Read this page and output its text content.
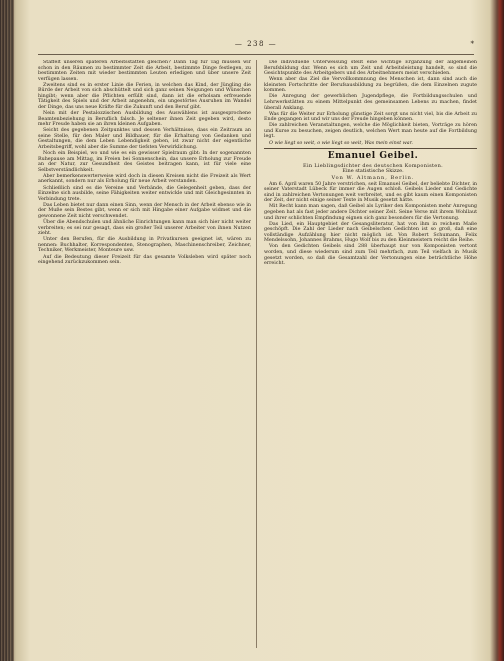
— 238 —	*

Staffelt unseren späteren Arbeitsstätten gleichen? Dann Tag für Tag müssen wir schon in den Räumen zu bestimmter Zeit die Arbeit, bestimmte Dinge festlegen, zu bestimmten Zeiten mit wieder bestimmten Leuten erledigen und über unsere Zeit verfügen lassen.

Zweitens sind es in erster Linie die Ferien, in welchen das Kind, der Jüngling die Bürde der Arbeit von sich abschüttelt und sich ganz seinen Neigungen und Wünschen hingibt; wenn aber die Pflichten erfüllt sind, dann ist die erholsam erfreuende Tätigkeit des Spiels und der Arbeit angenehm, ein ungestörtes Ausruhen im Wandel der Dinge, das uns neue Kräfte für die Zukunft und den Beruf gibt.

Nein mit der Pestalozzischen Ausbildung des Auswählens ist ausgesprochene Beamtenbeziehung in Beruflich falsch. Je seltener ihnen Zeit gegeben wird, desto mehr Freude haben sie an ihren kleinen Aufgaben.

Seicht des gegebenen Zeitpunktes und dessen Verhältnisse, dass ein Zeitraum an seine Stelle, für den Maler und Bildhauer, für die Erhaltung von Gedanken und Gestaltungen, die dem Leben Lebendigkeit geben, ist zwar nicht der eigentliche Arbeitsbegriff, wohl aber die Summe der tiefsten Verwirklichung.

Noch ein Beispiel, wo und wie es ein gewisser Spielraum gibt: In der sogenannten Ruhepause am Mittag, im Freien bei Sonnenschein, das unsere Erholung zur Freude an der Natur, zur Gesundheit des Geistes beitragen kann, ist für viele eine Selbstverständlichkeit.

Aber bemerkenswerterweise wird doch in diesen Kreisen nicht die Freizeit als Wert anerkannt, sondern nur als Erholung für neue Arbeit verstanden.

Schließlich sind es die Vereine und Verbände, die Gelegenheit geben, dass der Einzelne sich ausbilde, seine Fähigkeiten weiter entwickle und mit Gleichgesinnten in Verbindung trete.

Das Leben bietet nur dann einen Sinn, wenn der Mensch in der Arbeit ebenso wie in der Muße sein Bestes gibt, wenn er sich mit Hingabe einer Aufgabe widmet und die gewonnene Zeit nicht verschwendet.

Über die Abendschulen und ähnliche Einrichtungen kann man sich hier nicht weiter verbreiten; es sei nur gesagt, dass ein großer Teil unserer Arbeiter von ihnen Nutzen zieht.

Unter den Berufen, für die Ausbildung in Privatkursen geeignet ist, wären zu nennen: Buchhalter, Korrespondenten, Stenographen, Maschinenschreiber, Zeichner, Techniker, Werkmeister, Monteure usw.

Auf die Bedeutung dieser Freizeit für das gesamte Volksleben wird später noch eingehend zurückzukommen sein.

Die individuelle Unterweisung stellt eine wichtige Ergänzung der allgemeinen Berufsbildung dar. Wenn es sich um Zeit und Arbeitsleistung handelt, so sind die Gesichtspunkte des Arbeitgebers und des Arbeitnehmers meist verschieden.

Wenn aber das Ziel die Vervollkommnung des Menschen ist, dann sind auch die kleinsten Fortschritte der Berufsausbildung zu begrüßen, die dem Einzelnen zugute kommen.

Die Anregung der gewerblichen Jugendpflege, die Fortbildungsschulen und Lehrwerkstätten zu einem Mittelpunkt des gemeinsamen Lebens zu machen, findet überall Anklang.

Was für die Weiter zur Erholung günstige Zeit sorgt uns nicht viel, bis die Arbeit zu Ende gegangen ist und wir uns der Freude hingeben können.

Die zahlreichen Veranstaltungen, welche die Möglichkeit bieten, Vorträge zu hören und Kurse zu besuchen, zeigen deutlich, welchen Wert man heute auf die Fortbildung legt.

O wie liegt so weit, o wie liegt so weit, Was mein einst war.

Emanuel Geibel.

Ein Lieblingsdichter des deutschen Komponisten.

Eine statistische Skizze.

Von W. Altmann, Berlin.

Am 6. April waren 50 Jahre verstrichen, seit Emanuel Geibel, der beliebte Dichter, in seiner Vaterstadt Lübeck für immer die Augen schloß. Geibels Lieder und Gedichte sind in zahlreichen Vertonungen weit verbreitet, und es gibt kaum einen Komponisten der Zeit, der nicht einige seiner Texte in Musik gesetzt hätte.

Mit Recht kann man sagen, daß Geibel als Lyriker den Komponisten mehr Anregung gegeben hat als fast jeder andere Dichter seiner Zeit. Seine Verse mit ihrem Wohllaut und ihrer schlichten Empfindung eignen sich ganz besonders für die Vertonung.

Das Lied, ein Hauptgebiet der Gesangsliteratur, hat von ihm in reichem Maße geschöpft. Die Zahl der Lieder nach Geibelschen Gedichten ist so groß, daß eine vollständige Aufzählung hier nicht möglich ist. Von Robert Schumann, Felix Mendelssohn, Johannes Brahms, Hugo Wolf bis zu den Kleinmeistern reicht die Reihe.

Von den Gedichten Geibels sind 288 überhaupt nur von Komponisten vertont worden, und diese wiederum sind zum Teil mehrfach, zum Teil vielfach in Musik gesetzt worden, so daß die Gesamtzahl der Vertonungen eine beträchtliche Höhe erreicht.
